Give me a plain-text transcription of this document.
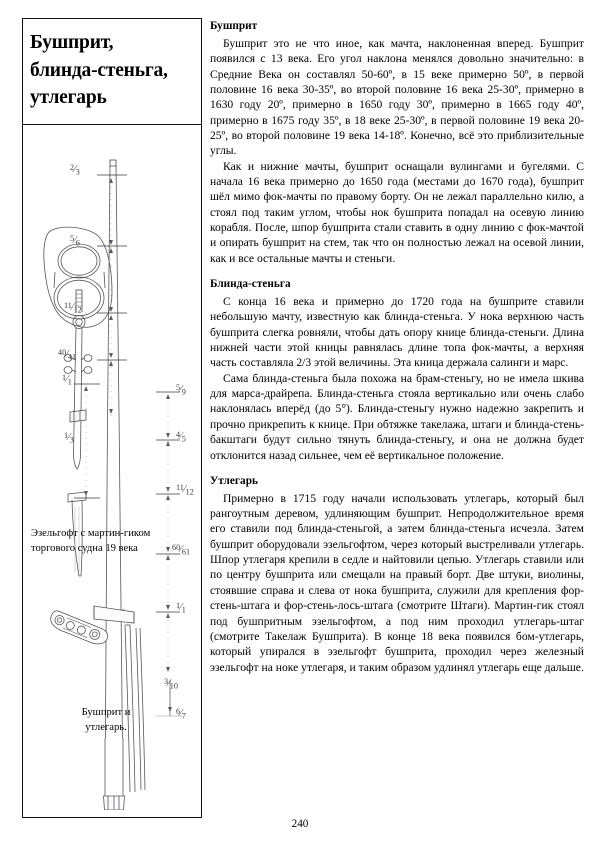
Бушприт,
блинда-стеньга,
утлегарь
2⁄3
5⁄6
11⁄12
40⁄41
1⁄1
1⁄3
5⁄9
4⁄5
11⁄12
60⁄61
1⁄1
3⁄10
6⁄7
Эзельгофт с мартин-гиком торгового судна 19 века
Бушприт и
утлегарь.
Бушприт

Бушприт это не что иное, как мачта, наклоненная вперед. Бушприт появился с 13 века. Его угол наклона менялся довольно значительно: в Средние Века он составлял 50-60º, в 15 веке примерно 50º, в первой половине 16 века 30-35º, во второй половине 16 века 25-30º, примерно в 1630 году 20º, примерно в 1650 году 30º, примерно в 1665 году 40º, примерно в 1675 году 35º, в 18 веке 25-30º, в первой половине 19 века 20-25º, во второй половине 19 века 14-18º. Конечно, всё это приблизительные углы.

Как и нижние мачты, бушприт оснащали вулингами и бугелями. С начала 16 века примерно до 1650 года (местами до 1670 года), бушприт шёл мимо фок-мачты по правому борту. Он не лежал параллельно килю, а стоял под таким углом, чтобы нок бушприта попадал на осевую линию корабля. После, шпор бушприта стали ставить в одну линию с фок-мачтой и опирать бушприт на стем, так что он полностью лежал на осевой линии, как и все остальные мачты и стеньги.

Блинда-стеньга

С конца 16 века и примерно до 1720 года на бушприте ставили небольшую мачту, известную как блинда-стеньга. У нока верхнюю часть бушприта слегка ровняли, чтобы дать опору книце блинда-стеньги. Длина нижней части этой кницы равнялась длине топа фок-мачты, а верхняя часть составляла 2/3 этой величины. Эта кница держала салинги и марс.

Сама блинда-стеньга была похожа на брам-стеньгу, но не имела шкива для марса-драйрепа. Блинда-стеньга стояла вертикально или очень слабо наклонялась вперёд (до 5°). Блинда-стеньгу нужно надежно закрепить и прочно прикрепить к книце. При обтяжке такелажа, штаги и блинда-стень-бакштаги будут сильно тянуть блинда-стеньгу, и она не должна будет отклонится назад сильнее, чем её вертикальное положение.

Утлегарь

Примерно в 1715 году начали использовать утлегарь, который был рангоутным деревом, удлиняющим бушприт. Непродолжительное время его ставили под блинда-стеньгой, а затем блинда-стеньга исчезла. Затем бушприт оборудовали эзельгофтом, через который выстреливали утлегарь. Шпор утлегаря крепили в седле и найтовили цепью. Утлегарь ставили или по центру бушприта или смещали на правый борт. Две штуки, виолины, стоявшие справа и слева от нока бушприта, служили для крепления фор-стень-штага и фор-стень-лось-штага (смотрите Штаги). Мартин-гик стоял под бушпритным эзельгофтом, а под ним проходил утлегарь-штаг (смотрите Такелаж Бушприта). В конце 18 века появился бом-утлегарь, который упирался в эзельгофт бушприта, проходил через железный эзельгофт на ноке утлегаря, и таким образом удлинял утлегарь еще дальше.

240
